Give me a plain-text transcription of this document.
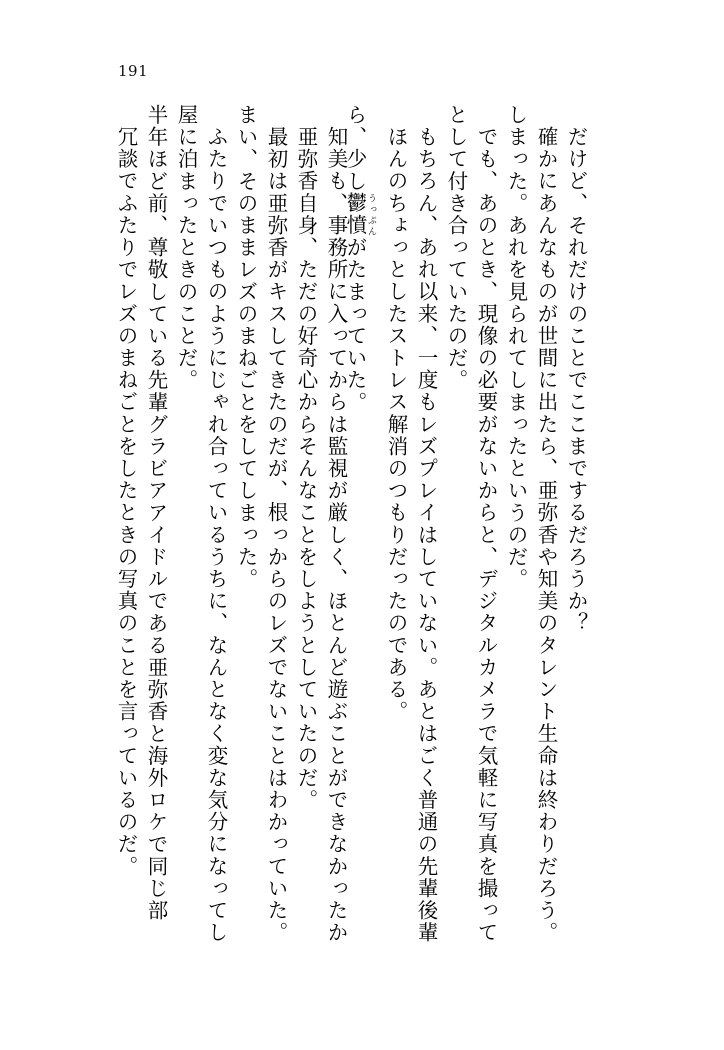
191
冗談でふたりでレズのまねごとをしたときの写真のことを言っているのだ。 半年ほど前、尊敬している先輩グラビアアイドルである亜弥香と海外ロケで同じ部 屋に泊まったときのことだ。 ふたりでいつものようにじゃれ合っているうちに、なんとなく変な気分になってし まい、そのままレズのまねごとをしてしまった。 最初は亜弥香がキスしてきたのだが、根っからのレズでないことはわかっていた。 亜弥香自身、ただの好奇心からそんなことをしようとしていたのだ。 知美も、事務所に入ってからは監視が厳しく、ほとんど遊ぶことができなかったか
ら、少し鬱憤 うっぷんがたまっていた。 ほんのちょっとしたストレス解消のつもりだったのである。 もちろん、あれ以来、一度もレズプレイはしていない。あとはごく普通の先輩後輩 として付き合っていたのだ。 でも、あのとき、現像の必要がないからと、デジタルカメラで気軽に写真を撮って しまった。あれを見られてしまったというのだ。 確かにあんなものが世間に出たら、亜弥香や知美のタレント生命は終わりだろう。 だけど、それだけのことでここまでするだろうか？
